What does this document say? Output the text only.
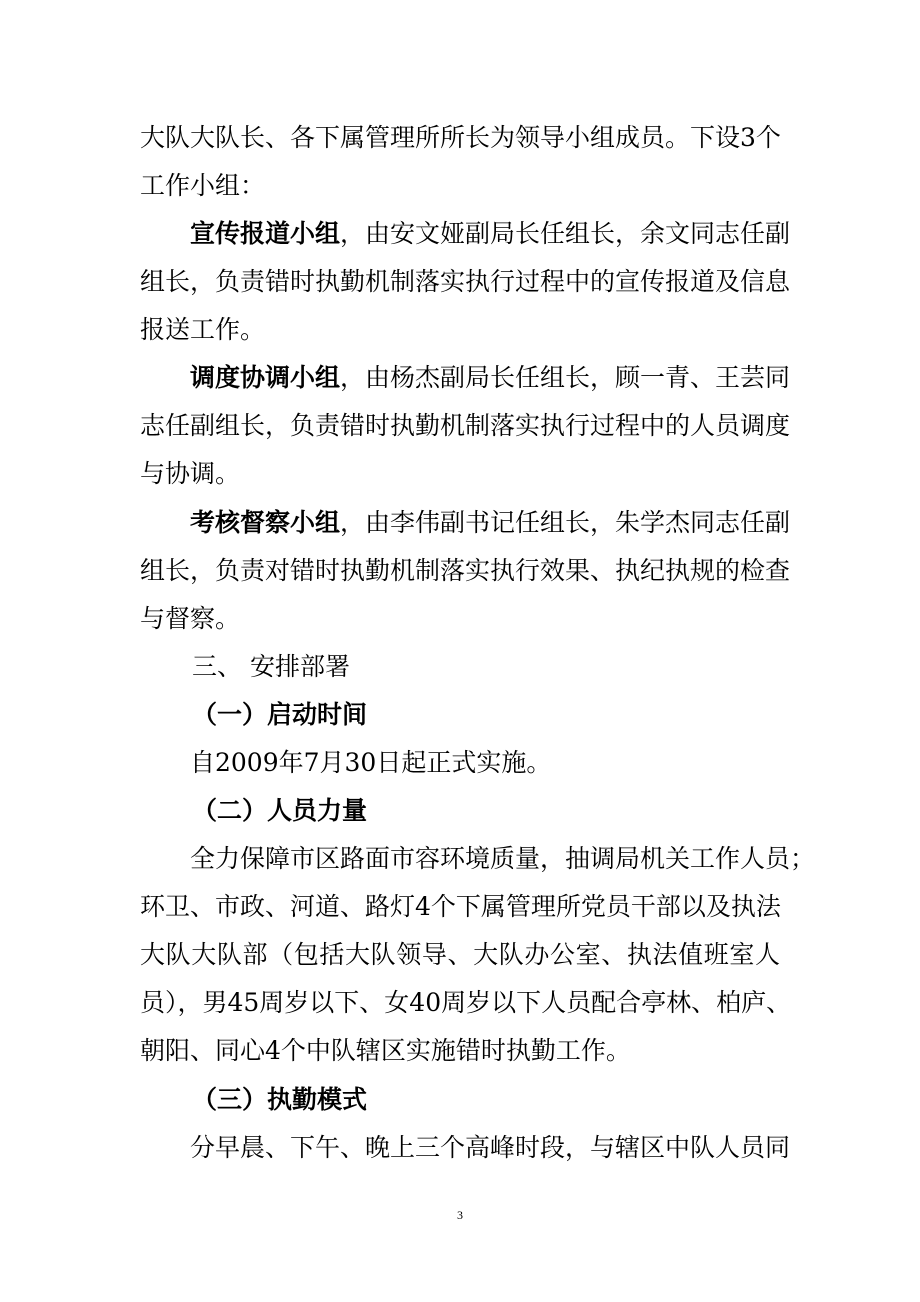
大队大队长、各下属管理所所长为领导小组成员。下设3个
工作小组：
宣传报道小组，由安文娅副局长任组长，余文同志任副
组长，负责错时执勤机制落实执行过程中的宣传报道及信息
报送工作。
调度协调小组，由杨杰副局长任组长，顾一青、王芸同
志任副组长，负责错时执勤机制落实执行过程中的人员调度
与协调。
考核督察小组，由李伟副书记任组长，朱学杰同志任副
组长，负责对错时执勤机制落实执行效果、执纪执规的检查
与督察。
三、 安排部署
（一）启动时间
自2009年7月30日起正式实施。
（二）人员力量
全力保障市区路面市容环境质量，抽调局机关工作人员；
环卫、市政、河道、路灯4个下属管理所党员干部以及执法
大队大队部（包括大队领导、大队办公室、执法值班室人
员），男45周岁以下、女40周岁以下人员配合亭林、柏庐、
朝阳、同心4个中队辖区实施错时执勤工作。
（三）执勤模式
分早晨、下午、晚上三个高峰时段，与辖区中队人员同
3
